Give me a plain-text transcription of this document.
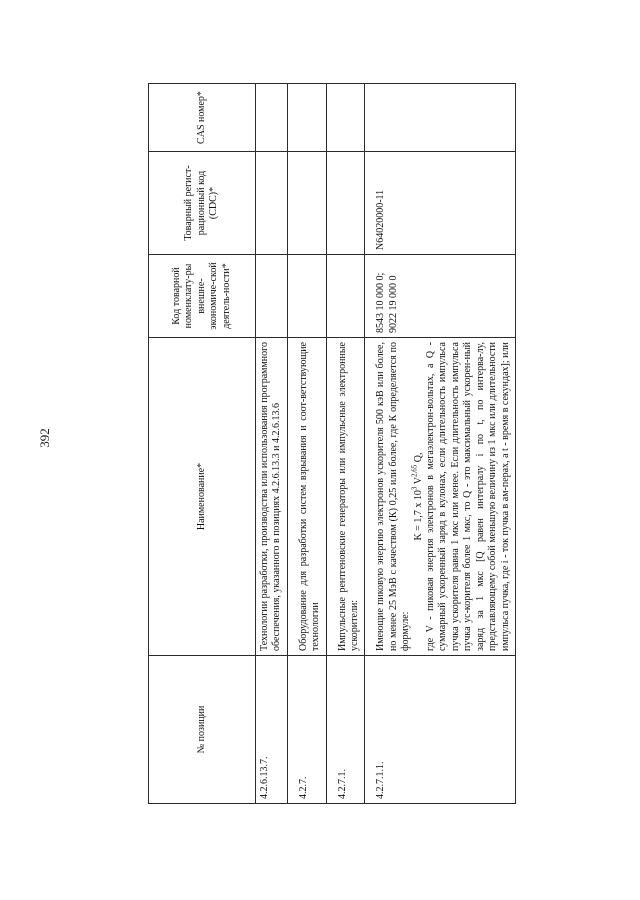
392
№ позиции	Наименование*	Код товарной номенклату-ры внешне-экономиче-ской деятель-ности*	Товарный регист-рационный код (CDC)*	CAS номер*
4.2.6.13.7.	Технологии разработки, производства или использования программного обеспечения, указанного в позициях 4.2.6.13.3 и 4.2.6.13.6			
4.2.7.	Оборудование для разработки систем взрывания и соот-ветствующие технологии			
4.2.7.1.	Импульсные рентгеновские генераторы или импульсные электронные ускорители:			
4.2.7.1.1.	Имеющие пиковую энергию электронов ускорителя 500 кэВ или более, но менее 25 МэВ с качеством (К) 0,25 или более, где К определяется по формуле:
K = 1,7 x $10^3$ V$^{2,65}$ Q, где V - пиковая энергия электронов в мегаэлектрон-вольтах, а Q - суммарный ускоренный заряд в кулонах, если длительность импульса пучка ускорителя равна 1 мкс или менее. Если длительность импульса пучка ус-корителя более 1 мкс, то Q - это максимальный ускорен-ный заряд за 1 мкс [Q равен интегралу i по t, по интерва-лу, представляющему собой меньшую величину из 1 мкс или длительности импульса пучка, где i - ток пучка в ам-перах, а t - время в секундах]; или	8543 10 000 0; 9022 19 000 0	N64020000-11	
